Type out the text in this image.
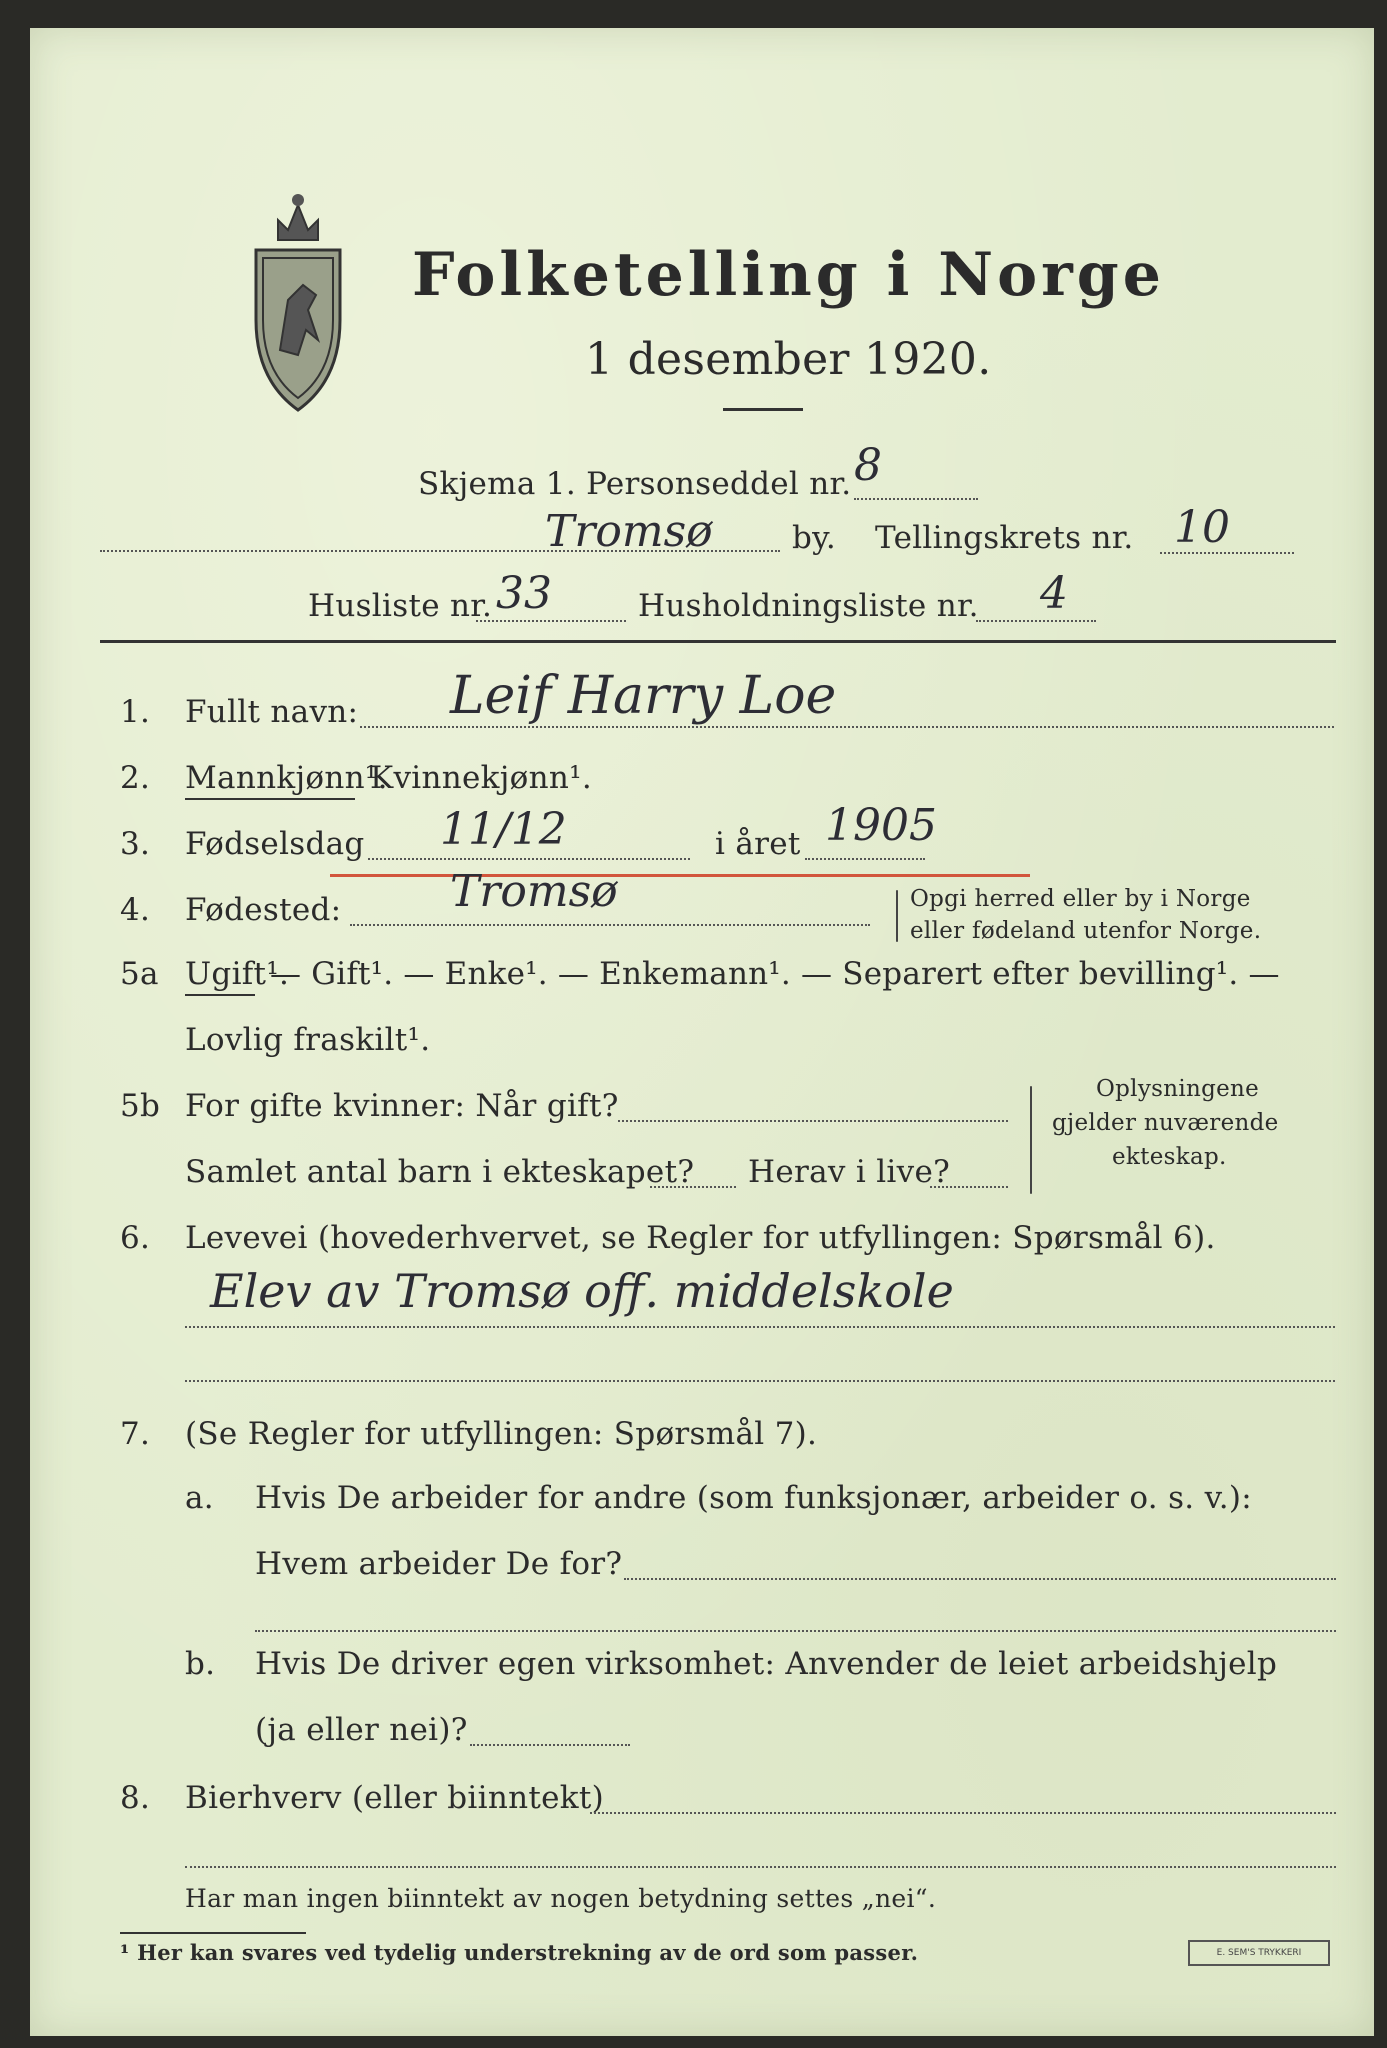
Folketelling i Norge
1 desember 1920.
Skjema 1. Personseddel nr. 8
Tromsø	by. Tellingskrets nr. 10
Husliste nr. 33	Husholdningsliste nr. 4
1. Fullt navn: Leif Harry Loe
2. Mannkjønn¹.
Kvinnekjønn¹.
3. Fødselsdag 11/12	i året 1905
4. Fødested: Tromsø	Opgi herred eller by i Norge
eller fødeland utenfor Norge.
5a Ugift¹.
— Gift¹. — Enke¹. — Enkemann¹. — Separert efter bevilling¹. —
Lovlig fraskilt¹.
5b For gifte kvinner: Når gift?
Samlet antal barn i ekteskapet? Herav i live?
Oplysningene
gjelder nuværende
ekteskap.
6. Levevei (hovederhvervet, se Regler for utfyllingen: Spørsmål 6).
Elev av Tromsø off. middelskole
7. (Se Regler for utfyllingen: Spørsmål 7).
a. Hvis De arbeider for andre (som funksjonær, arbeider o. s. v.):
Hvem arbeider De for?
b. Hvis De driver egen virksomhet: Anvender de leiet arbeidshjelp
(ja eller nei)?
8. Bierhverv (eller biinntekt)
Har man ingen biinntekt av nogen betydning settes „nei“.
¹ Her kan svares ved tydelig understrekning av de ord som passer.	E. SEM'S TRYKKERI
